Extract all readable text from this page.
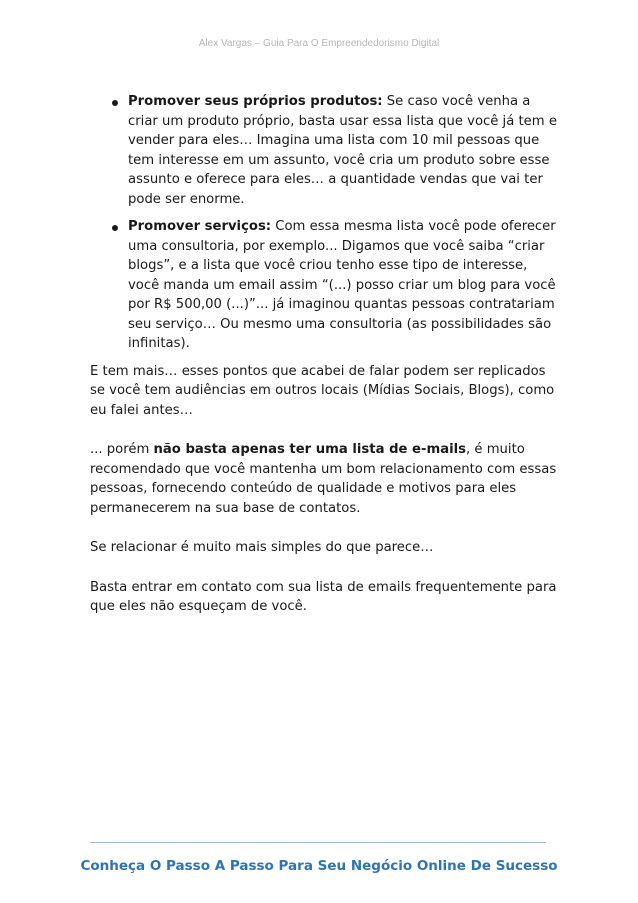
Alex Vargas – Guia Para O Empreendedorismo Digital
Promover seus próprios produtos: Se caso você venha a criar um produto próprio, basta usar essa lista que você já tem e vender para eles… Imagina uma lista com 10 mil pessoas que tem interesse em um assunto, você cria um produto sobre esse assunto e oferece para eles… a quantidade vendas que vai ter pode ser enorme.
Promover serviços: Com essa mesma lista você pode oferecer uma consultoria, por exemplo... Digamos que você saiba “criar blogs”, e a lista que você criou tenho esse tipo de interesse, você manda um email assim “(...) posso criar um blog para você por R$ 500,00 (...)”... já imaginou quantas pessoas contratariam seu serviço… Ou mesmo uma consultoria (as possibilidades são infinitas).

E tem mais… esses pontos que acabei de falar podem ser replicados se você tem audiências em outros locais (Mídias Sociais, Blogs), como eu falei antes…

... porém não basta apenas ter uma lista de e-mails, é muito recomendado que você mantenha um bom relacionamento com essas pessoas, fornecendo conteúdo de qualidade e motivos para eles permanecerem na sua base de contatos.

Se relacionar é muito mais simples do que parece…

Basta entrar em contato com sua lista de emails frequentemente para que eles não esqueçam de você.

Conheça O Passo A Passo Para Seu Negócio Online De Sucesso
